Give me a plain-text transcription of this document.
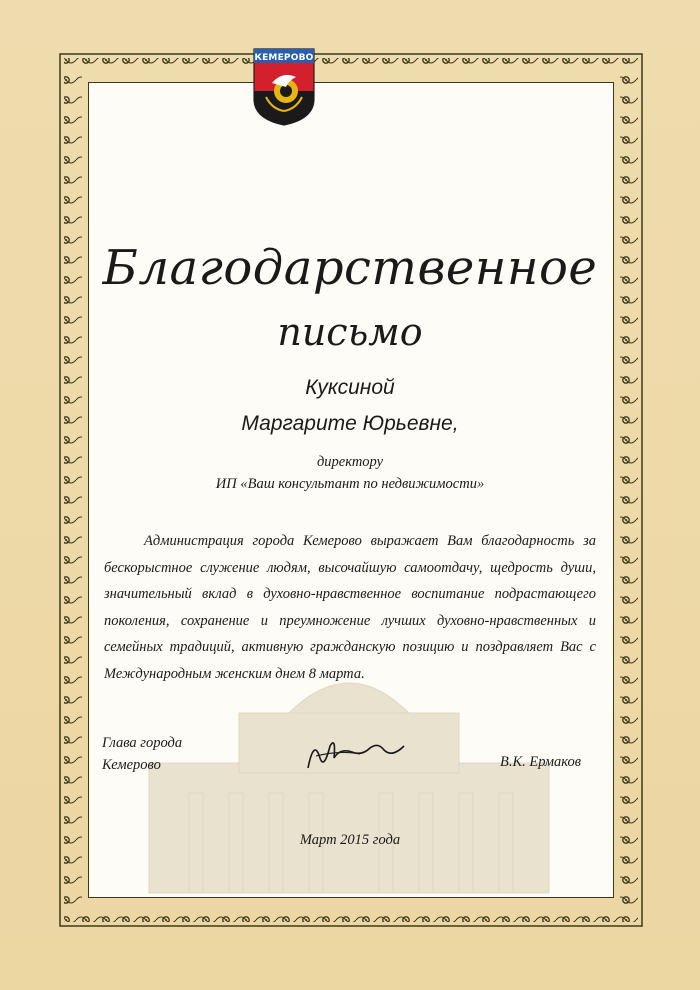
КЕМЕРОВО
Благодарственное
письмо
Куксиной
Маргарите Юрьевне,
директору
ИП «Ваш консультант по недвижимости»
Администрация города Кемерово выражает Вам благодарность за бескорыстное служение людям, высочайшую самоотдачу, щедрость души, значительный вклад в духовно-нравственное воспитание подрастающего поколения, сохранение и преумножение лучших духовно-нравственных и семейных традиций, активную гражданскую позицию и поздравляет Вас с Международным женским днем 8 марта.
Глава города
Кемерово	В.К. Ермаков
Март 2015 года
